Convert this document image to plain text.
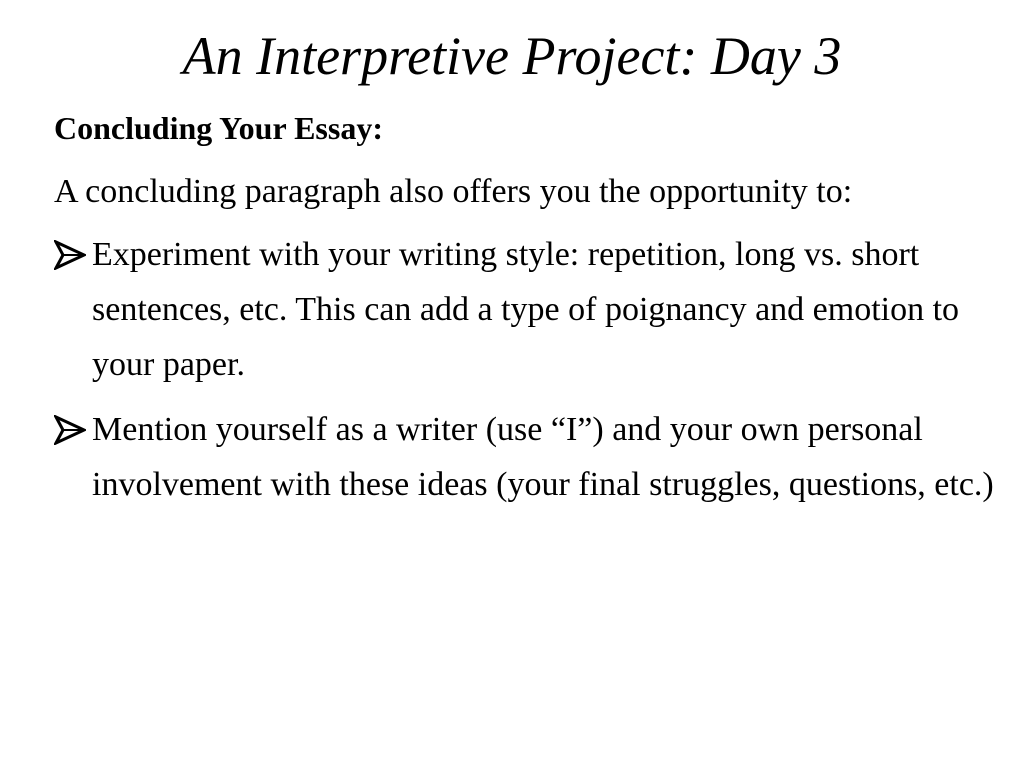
An Interpretive Project: Day 3
Concluding Your Essay:
A concluding paragraph also offers you the opportunity to:
Experiment with your writing style: repetition, long vs. short sentences, etc. This can add a type of poignancy and emotion to your paper.
Mention yourself as a writer (use “I”) and your own personal involvement with these ideas (your final struggles, questions, etc.)
